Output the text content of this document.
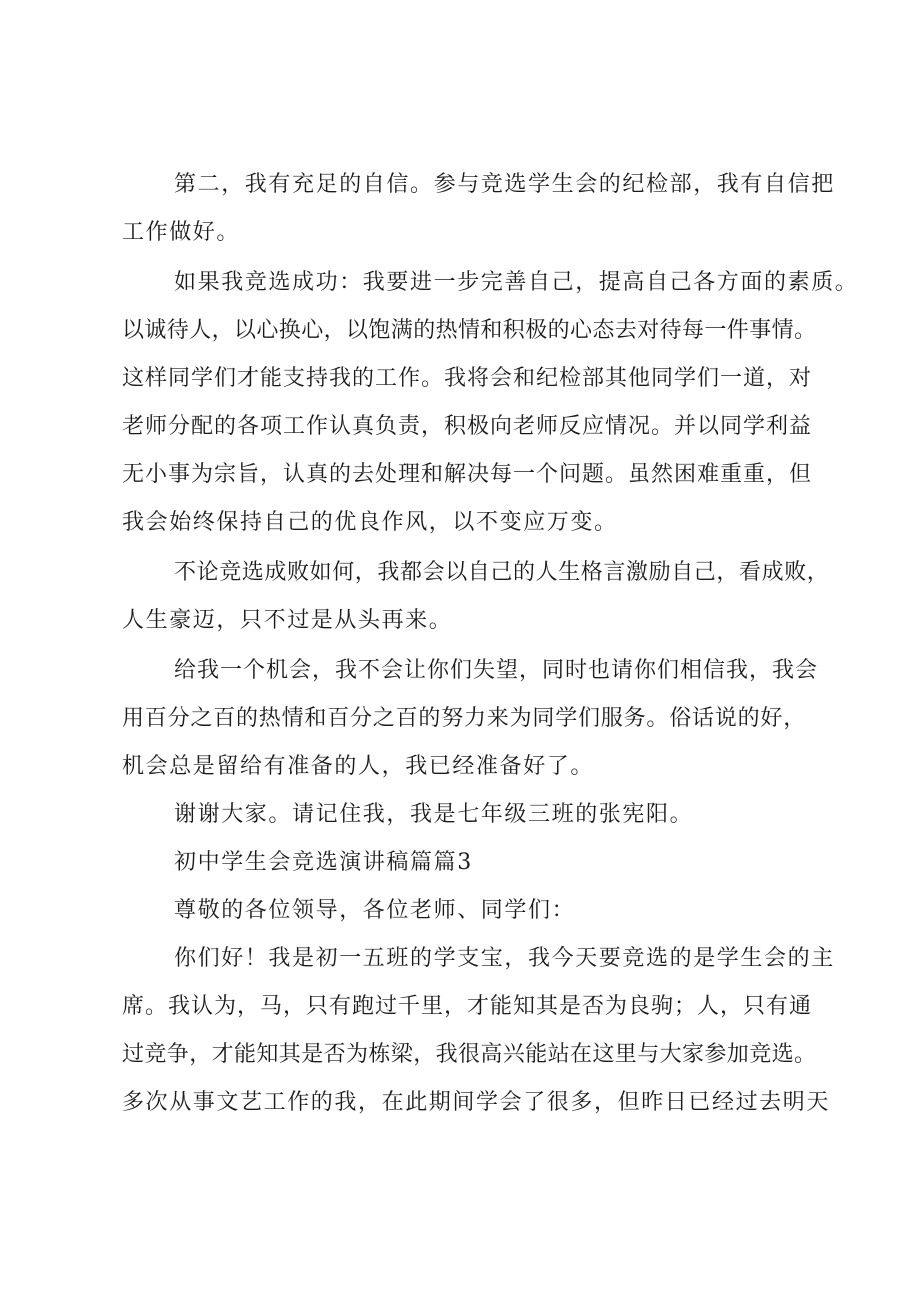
第二，我有充足的自信。参与竞选学生会的纪检部，我有自信把
工作做好。
如果我竞选成功：我要进一步完善自己，提高自己各方面的素质。
以诚待人，以心换心，以饱满的热情和积极的心态去对待每一件事情。
这样同学们才能支持我的工作。我将会和纪检部其他同学们一道，对
老师分配的各项工作认真负责，积极向老师反应情况。并以同学利益
无小事为宗旨，认真的去处理和解决每一个问题。虽然困难重重，但
我会始终保持自己的优良作风，以不变应万变。
不论竞选成败如何，我都会以自己的人生格言激励自己，看成败，
人生豪迈，只不过是从头再来。
给我一个机会，我不会让你们失望，同时也请你们相信我，我会
用百分之百的热情和百分之百的努力来为同学们服务。俗话说的好，
机会总是留给有准备的人，我已经准备好了。
谢谢大家。请记住我，我是七年级三班的张宪阳。
初中学生会竞选演讲稿篇篇3
尊敬的各位领导，各位老师、同学们：
你们好！我是初一五班的学支宝，我今天要竞选的是学生会的主
席。我认为，马，只有跑过千里，才能知其是否为良驹；人，只有通
过竞争，才能知其是否为栋梁，我很高兴能站在这里与大家参加竞选。
多次从事文艺工作的我，在此期间学会了很多，但昨日已经过去明天
